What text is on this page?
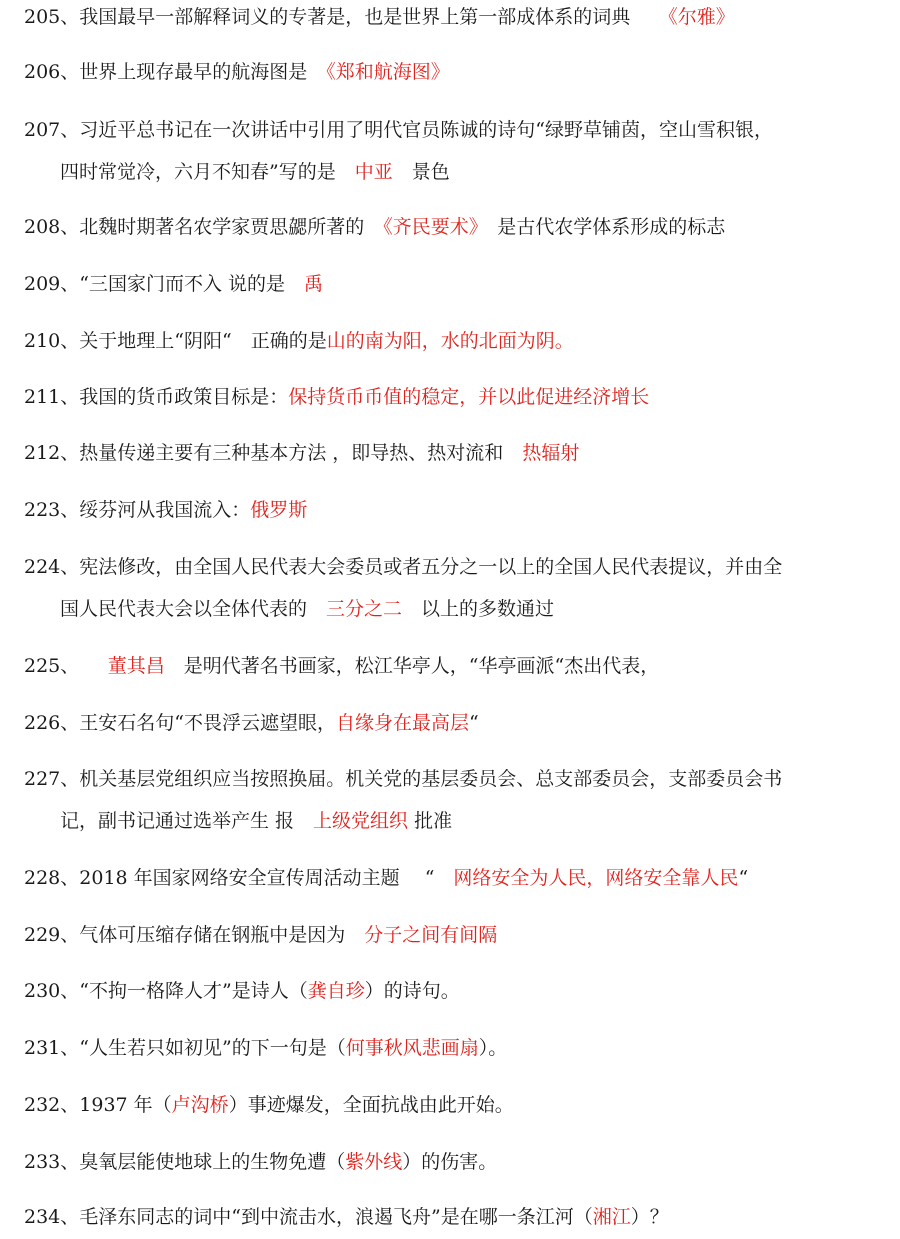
205、我国最早一部解释词义的专著是，也是世界上第一部成体系的词典　　《尔雅》
206、世界上现存最早的航海图是　《郑和航海图》
207、习近平总书记在一次讲话中引用了明代官员陈诚的诗句“绿野草铺茵，空山雪积银，
四时常觉冷，六月不知春”写的是　中亚　景色
208、北魏时期著名农学家贾思勰所著的　《齐民要术》　是古代农学体系形成的标志
209、“三国家门而不入 说的是　禹
210、关于地理上“阴阳“　正确的是山的南为阳，水的北面为阴。
211、我国的货币政策目标是：保持货币币值的稳定，并以此促进经济增长
212、热量传递主要有三种基本方法 ，即导热、热对流和　热辐射
223、绥芬河从我国流入：俄罗斯
224、宪法修改，由全国人民代表大会委员或者五分之一以上的全国人民代表提议，并由全
国人民代表大会以全体代表的　三分之二　以上的多数通过
225、　　董其昌　是明代著名书画家，松江华亭人，“华亭画派“杰出代表，
226、王安石名句“不畏浮云遮望眼，自缘身在最高层“
227、机关基层党组织应当按照换届。机关党的基层委员会、总支部委员会，支部委员会书
记，副书记通过选举产生 报　上级党组织 批准
228、2018 年国家网络安全宣传周活动主题　 “　网络安全为人民，网络安全靠人民“
229、气体可压缩存储在钢瓶中是因为　分子之间有间隔
230、“不拘一格降人才”是诗人（龚自珍）的诗句。
231、“人生若只如初见”的下一句是（何事秋风悲画扇）。
232、1937 年（卢沟桥）事迹爆发，全面抗战由此开始。
233、臭氧层能使地球上的生物免遭（紫外线）的伤害。
234、毛泽东同志的词中“到中流击水，浪遏飞舟”是在哪一条江河（湘江）？
